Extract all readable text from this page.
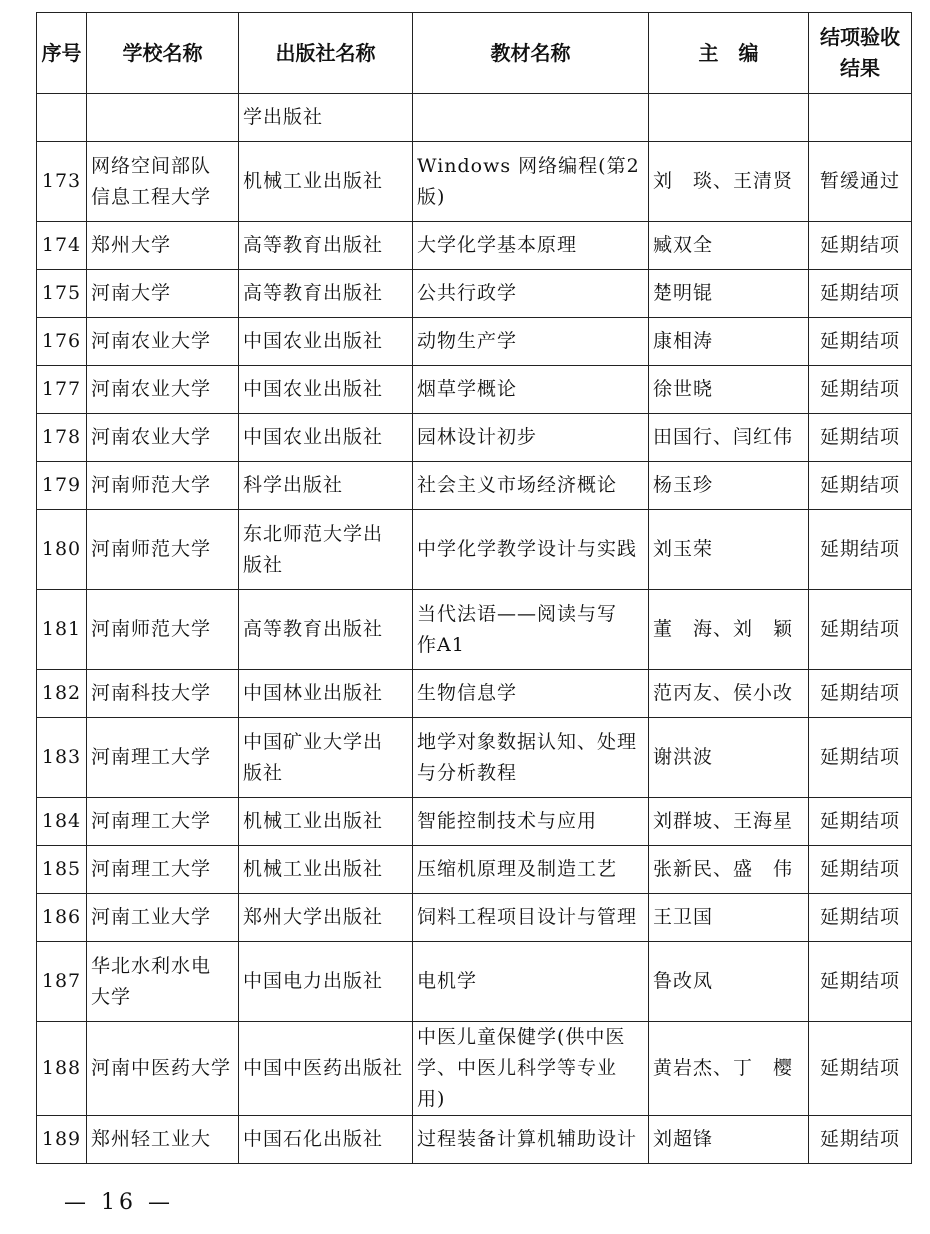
序号	学校名称	出版社名称	教材名称	主　编	结项验收
结果
		学出版社			
173	网络空间部队
信息工程大学	机械工业出版社	Windows 网络编程(第2版)	刘　琰、王清贤	暂缓通过
174	郑州大学	高等教育出版社	大学化学基本原理	臧双全	延期结项
175	河南大学	高等教育出版社	公共行政学	楚明锟	延期结项
176	河南农业大学	中国农业出版社	动物生产学	康相涛	延期结项
177	河南农业大学	中国农业出版社	烟草学概论	徐世晓	延期结项
178	河南农业大学	中国农业出版社	园林设计初步	田国行、闫红伟	延期结项
179	河南师范大学	科学出版社	社会主义市场经济概论	杨玉珍	延期结项
180	河南师范大学	东北师范大学出
版社	中学化学教学设计与实践	刘玉荣	延期结项
181	河南师范大学	高等教育出版社	当代法语——阅读与写
作A1	董　海、刘　颖	延期结项
182	河南科技大学	中国林业出版社	生物信息学	范丙友、侯小改	延期结项
183	河南理工大学	中国矿业大学出
版社	地学对象数据认知、处理
与分析教程	谢洪波	延期结项
184	河南理工大学	机械工业出版社	智能控制技术与应用	刘群坡、王海星	延期结项
185	河南理工大学	机械工业出版社	压缩机原理及制造工艺	张新民、盛　伟	延期结项
186	河南工业大学	郑州大学出版社	饲料工程项目设计与管理	王卫国	延期结项
187	华北水利水电
大学	中国电力出版社	电机学	鲁改凤	延期结项
188	河南中医药大学	中国中医药出版社	中医儿童保健学(供中医
学、中医儿科学等专业用)	黄岩杰、丁　樱	延期结项
189	郑州轻工业大	中国石化出版社	过程装备计算机辅助设计	刘超锋	延期结项
— 16 —
